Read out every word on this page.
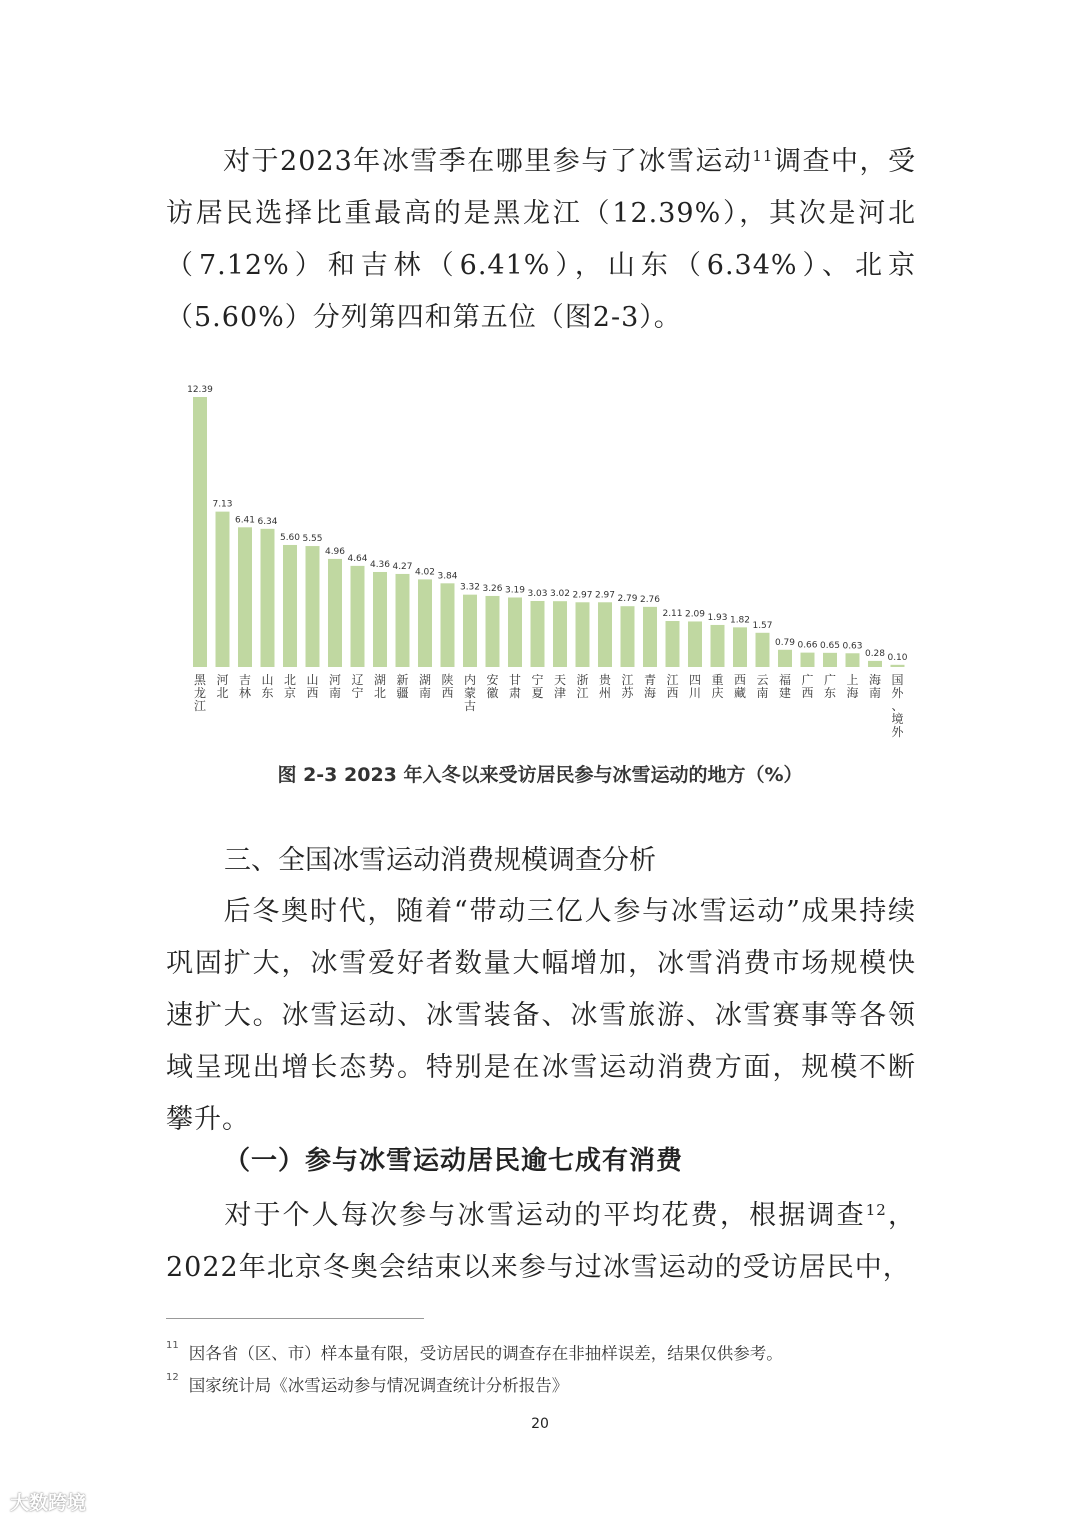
　　对于2023年冰雪季在哪里参与了冰雪运动$^{11}$调查中，受访居民选择比重最高的是黑龙江（12.39%），其次是河北（7.12%）和吉林（6.41%），山东（6.34%）、北京（5.60%）分列第四和第五位（图2-3）。
12.39
黑龙江
7.13
河北
6.41
吉林
6.34
山东
5.60
北京
5.55
山西
4.96
河南
4.64
辽宁
4.36
湖北
4.27
新疆
4.02
湖南
3.84
陕西
3.32
内蒙古
3.26
安徽
3.19
甘肃
3.03
宁夏
3.02
天津
2.97
浙江
2.97
贵州
2.79
江苏
2.76
青海
2.11
江西
2.09
四川
1.93
重庆
1.82
西藏
1.57
云南
0.79
福建
0.66
广西
0.65
广东
0.63
上海
0.28
海南
0.10
国外、境外
图 2-3 2023 年入冬以来受访居民参与冰雪运动的地方（%）
三、全国冰雪运动消费规模调查分析
　　后冬奥时代，随着“带动三亿人参与冰雪运动”成果持续巩固扩大，冰雪爱好者数量大幅增加，冰雪消费市场规模快速扩大。冰雪运动、冰雪装备、冰雪旅游、冰雪赛事等各领域呈现出增长态势。特别是在冰雪运动消费方面，规模不断攀升。
（一）参与冰雪运动居民逾七成有消费
　　对于个人每次参与冰雪运动的平均花费，根据调查$^{12}$，2022年北京冬奥会结束以来参与过冰雪运动的受访居民中，
$^{11}$ 因各省（区、市）样本量有限，受访居民的调查存在非抽样误差，结果仅供参考。
$^{12}$ 国家统计局《冰雪运动参与情况调查统计分析报告》
20
大数跨境
